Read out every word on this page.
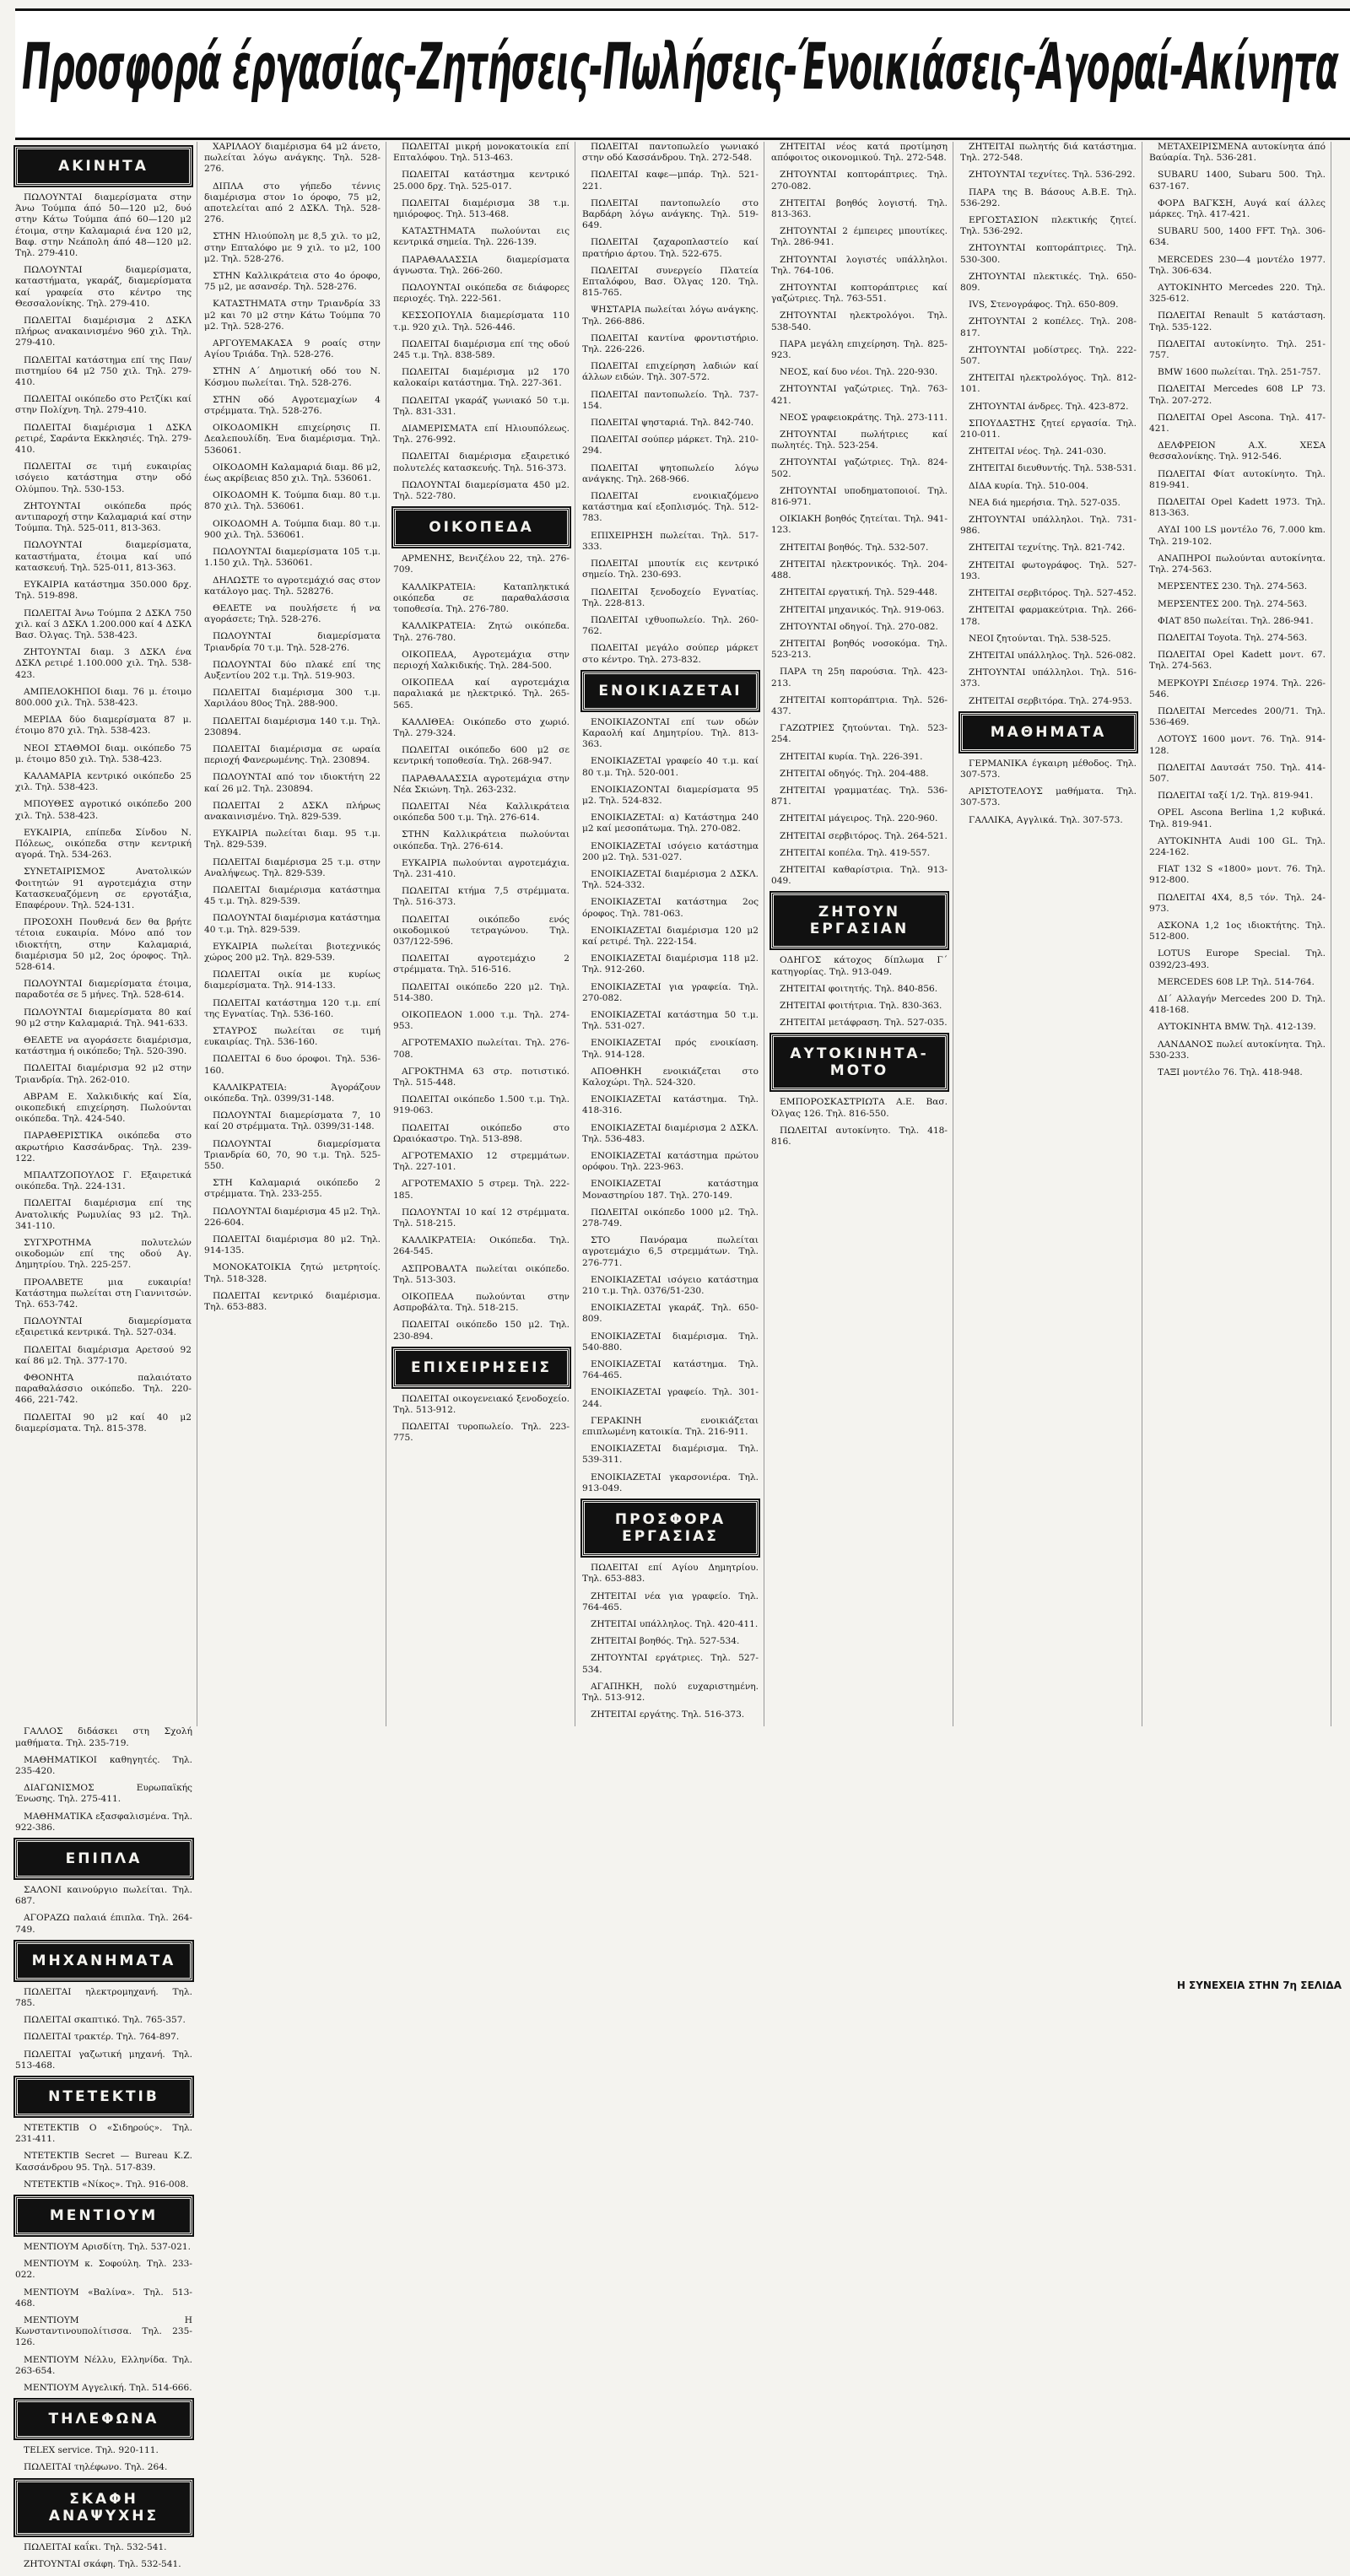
Προσφορά έργασίας-Ζητήσεις-Πωλήσεις-Ένοικιάσεις-Άγοραί-Ακίνητα
ΑΚΙΝΗΤΑ

ΠΩΛΟΥΝΤΑΙ διαμερίσματα στην Άνω Τούμπα άπό 50—120 μ2, δυό στην Κάτω Τούμπα άπό 60—120 μ2 έτοιμα, στην Καλαμαριά ένα 120 μ2, Βαφ. στην Νεάπολη άπό 48—120 μ2. Τηλ. 279-410.

ΠΩΛΟΥΝΤΑΙ διαμερίσματα, καταστήματα, γκαράζ, διαμερίσματα καί γραφεία στο κέντρο της Θεσσαλονίκης. Τηλ. 279-410.

ΠΩΛΕΙΤΑΙ διαμέρισμα 2 ΔΣΚΛ πλήρως ανακαινισμένο 960 χιλ. Τηλ. 279-410.

ΠΩΛΕΙΤΑΙ κατάστημα επί της Παν/πιστημίου 64 μ2 750 χιλ. Τηλ. 279-410.

ΠΩΛΕΙΤΑΙ οικόπεδο στο Ρετζίκι καί στην Πολίχνη. Τηλ. 279-410.

ΠΩΛΕΙΤΑΙ διαμέρισμα 1 ΔΣΚΛ ρετιρέ, Σαράντα Εκκλησιές. Τηλ. 279-410.

ΠΩΛΕΙΤΑΙ σε τιμή ευκαιρίας ισόγειο κατάστημα στην οδό Ολύμπου. Τηλ. 530-153.

ΖΗΤΟΥΝΤΑΙ οικόπεδα πρός αντιπαροχή στην Καλαμαριά καί στην Τούμπα. Τηλ. 525-011, 813-363.

ΠΩΛΟΥΝΤΑΙ διαμερίσματα, καταστήματα, έτοιμα καί υπό κατασκευή. Τηλ. 525-011, 813-363.

ΕΥΚΑΙΡΙΑ κατάστημα 350.000 δρχ. Τηλ. 519-898.

ΠΩΛΕΙΤΑΙ Άνω Τούμπα 2 ΔΣΚΛ 750 χιλ. καί 3 ΔΣΚΛ 1.200.000 καί 4 ΔΣΚΛ Βασ. Όλγας. Τηλ. 538-423.

ΖΗΤΟΥΝΤΑΙ διαμ. 3 ΔΣΚΛ ένα ΔΣΚΛ ρετιρέ 1.100.000 χιλ. Τηλ. 538-423.

ΑΜΠΕΛΟΚΗΠΟΙ διαμ. 76 μ. έτοιμο 800.000 χιλ. Τηλ. 538-423.

ΜΕΡΙΔΑ δύο διαμερίσματα 87 μ. έτοιμο 870 χιλ. Τηλ. 538-423.

ΝΕΟΙ ΣΤΑΘΜΟΙ διαμ. οικόπεδο 75 μ. έτοιμο 850 χιλ. Τηλ. 538-423.

ΚΑΛΑΜΑΡΙΑ κεντρικό οικόπεδο 25 χιλ. Τηλ. 538-423.

ΜΠΟΥΘΕΣ αγροτικό οικόπεδο 200 χιλ. Τηλ. 538-423.

ΕΥΚΑΙΡΙΑ, επίπεδα Σίνδου Ν. Πόλεως, οικόπεδα στην κεντρική αγορά. Τηλ. 534-263.

ΣΥΝΕΤΑΙΡΙΣΜΟΣ Ανατολικών Φοιτητών 91 αγροτεμάχια στην Κατασκευαζόμενη σε εργοτάξια, Επαφέρουν. Τηλ. 524-131.

ΠΡΟΣΟΧΗ Πουθενά δεν θα βρήτε τέτοια ευκαιρία. Μόνο από τον ιδιοκτήτη, στην Καλαμαριά, διαμέρισμα 50 μ2, 2ος όροφος. Τηλ. 528-614.

ΠΩΛΟΥΝΤΑΙ διαμερίσματα έτοιμα, παραδοτέα σε 5 μήνες. Τηλ. 528-614.

ΠΩΛΟΥΝΤΑΙ διαμερίσματα 80 καί 90 μ2 στην Καλαμαριά. Τηλ. 941-633.

ΘΕΛΕΤΕ να αγοράσετε διαμέρισμα, κατάστημα ή οικόπεδο; Τηλ. 520-390.

ΠΩΛΕΙΤΑΙ διαμέρισμα 92 μ2 στην Τριανδρία. Τηλ. 262-010.

ΑΒΡΑΜ Ε. Χαλκιδικής καί Σία, οικοπεδική επιχείρηση. Πωλούνται οικόπεδα. Τηλ. 424-540.

ΠΑΡΑΘΕΡΙΣΤΙΚΑ οικόπεδα στο ακρωτήριο Κασσάνδρας. Τηλ. 239-122.

ΜΠΑΛΤΖΟΠΟΥΛΟΣ Γ. Εξαιρετικά οικόπεδα. Τηλ. 224-131.

ΠΩΛΕΙΤΑΙ διαμέρισμα επί της Ανατολικής Ρωμυλίας 93 μ2. Τηλ. 341-110.

ΣΥΓΧΡΟΤΗΜΑ πολυτελών οικοδομών επί της οδού Αγ. Δημητρίου. Τηλ. 225-257.

ΠΡΟΑΛΒΕΤΕ μια ευκαιρία! Κατάστημα πωλείται στη Γιαννιτσών. Τηλ. 653-742.

ΠΩΛΟΥΝΤΑΙ διαμερίσματα εξαιρετικά κεντρικά. Τηλ. 527-034.

ΠΩΛΕΙΤΑΙ διαμέρισμα Αρετσού 92 καί 86 μ2. Τηλ. 377-170.

ΦΘΟΝΗΤΑ παλαιότατο παραθαλάσσιο οικόπεδο. Τηλ. 220-466, 221-742.

ΠΩΛΕΙΤΑΙ 90 μ2 καί 40 μ2 διαμερίσματα. Τηλ. 815-378.

ΧΑΡΙΛΑΟΥ διαμέρισμα 64 μ2 άνετο, πωλείται λόγω ανάγκης. Τηλ. 528-276.

ΔΙΠΛΑ στο γήπεδο τέννις διαμέρισμα στον 1ο όροφο, 75 μ2, αποτελείται από 2 ΔΣΚΛ. Τηλ. 528-276.

ΣΤΗΝ Ηλιούπολη με 8,5 χιλ. το μ2, στην Επταλόφο με 9 χιλ. το μ2, 100 μ2. Τηλ. 528-276.

ΣΤΗΝ Καλλικράτεια στο 4ο όροφο, 75 μ2, με ασανσέρ. Τηλ. 528-276.

ΚΑΤΑΣΤΗΜΑΤΑ στην Τριανδρία 33 μ2 και 70 μ2 στην Κάτω Τούμπα 70 μ2. Τηλ. 528-276.

ΑΡΓΟΥΕΜΑΚΑΣΑ 9 ροαίς στην Αγίου Τριάδα. Τηλ. 528-276.

ΣΤΗΝ Α΄ Δημοτική οδό του Ν. Κόσμου πωλείται. Τηλ. 528-276.

ΣΤΗΝ οδό Αγροτεμαχίων 4 στρέμματα. Τηλ. 528-276.

ΟΙΚΟΔΟΜΙΚΗ επιχείρησις Π. Δεαλεπουλίδη. Ένα διαμέρισμα. Τηλ. 536061.

ΟΙΚΟΔΟΜΗ Καλαμαριά διαμ. 86 μ2, έως ακρίβειας 850 χιλ. Τηλ. 536061.

ΟΙΚΟΔΟΜΗ Κ. Τούμπα διαμ. 80 τ.μ. 870 χιλ. Τηλ. 536061.

ΟΙΚΟΔΟΜΗ Α. Τούμπα διαμ. 80 τ.μ. 900 χιλ. Τηλ. 536061.

ΠΩΛΟΥΝΤΑΙ διαμερίσματα 105 τ.μ. 1.150 χιλ. Τηλ. 536061.

ΔΗΛΩΣΤΕ το αγροτεμάχιό σας στον κατάλογο μας. Τηλ. 528276.

ΘΕΛΕΤΕ να πουλήσετε ή να αγοράσετε; Τηλ. 528-276.

ΠΩΛΟΥΝΤΑΙ διαμερίσματα Τριανδρία 70 τ.μ. Τηλ. 528-276.

ΠΩΛΟΥΝΤΑΙ δύο πλακέ επί της Αυξεντίου 202 τ.μ. Τηλ. 519-903.

ΠΩΛΕΙΤΑΙ διαμέρισμα 300 τ.μ. Χαριλάου 80ος Τηλ. 288-900.

ΠΩΛΕΙΤΑΙ διαμέρισμα 140 τ.μ. Τηλ. 230894.

ΠΩΛΕΙΤΑΙ διαμέρισμα σε ωραία περιοχή Φανερωμένης. Τηλ. 230894.

ΠΩΛΟΥΝΤΑΙ από τον ιδιοκτήτη 22 καί 26 μ2. Τηλ. 230894.

ΠΩΛΕΙΤΑΙ 2 ΔΣΚΛ πλήρως ανακαινισμένο. Τηλ. 829-539.

ΕΥΚΑΙΡΙΑ πωλείται διαμ. 95 τ.μ. Τηλ. 829-539.

ΠΩΛΕΙΤΑΙ διαμέρισμα 25 τ.μ. στην Αναλήψεως. Τηλ. 829-539.

ΠΩΛΕΙΤΑΙ διαμέρισμα κατάστημα 45 τ.μ. Τηλ. 829-539.

ΠΩΛΟΥΝΤΑΙ διαμέρισμα κατάστημα 40 τ.μ. Τηλ. 829-539.

ΕΥΚΑΙΡΙΑ πωλείται βιοτεχνικός χώρος 200 μ2. Τηλ. 829-539.

ΠΩΛΕΙΤΑΙ οικία με κυρίως διαμερίσματα. Τηλ. 914-133.

ΠΩΛΕΙΤΑΙ κατάστημα 120 τ.μ. επί της Εγνατίας. Τηλ. 536-160.

ΣΤΑΥΡΟΣ πωλείται σε τιμή ευκαιρίας. Τηλ. 536-160.

ΠΩΛΕΙΤΑΙ 6 δυο όροφοι. Τηλ. 536-160.

ΚΑΛΛΙΚΡΑΤΕΙΑ: Άγοράζουν οικόπεδα. Τηλ. 0399/31-148.

ΠΩΛΟΥΝΤΑΙ διαμερίσματα 7, 10 καί 20 στρέμματα. Τηλ. 0399/31-148.

ΠΩΛΟΥΝΤΑΙ διαμερίσματα Τριανδρία 60, 70, 90 τ.μ. Τηλ. 525-550.

ΣΤΗ Καλαμαριά οικόπεδο 2 στρέμματα. Τηλ. 233-255.

ΠΩΛΟΥΝΤΑΙ διαμέρισμα 45 μ2. Τηλ. 226-604.

ΠΩΛΕΙΤΑΙ διαμέρισμα 80 μ2. Τηλ. 914-135.

ΜΟΝΟΚΑΤΟΙΚΙΑ ζητώ μετρητοίς. Τηλ. 518-328.

ΠΩΛΕΙΤΑΙ κεντρικό διαμέρισμα. Τηλ. 653-883.

ΠΩΛΕΙΤΑΙ μικρή μονοκατοικία επί Επταλόφου. Τηλ. 513-463.

ΠΩΛΕΙΤΑΙ κατάστημα κεντρικό 25.000 δρχ. Τηλ. 525-017.

ΠΩΛΕΙΤΑΙ διαμέρισμα 38 τ.μ. ημιόροφος. Τηλ. 513-468.

ΚΑΤΑΣΤΗΜΑΤΑ πωλούνται εις κεντρικά σημεία. Τηλ. 226-139.

ΠΑΡΑΘΑΛΑΣΣΙΑ διαμερίσματα άγνωστα. Τηλ. 266-260.

ΠΩΛΟΥΝΤΑΙ οικόπεδα σε διάφορες περιοχές. Τηλ. 222-561.

ΚΕΣΣΟΠΟΥΛΙΑ διαμερίσματα 110 τ.μ. 920 χιλ. Τηλ. 526-446.

ΠΩΛΕΙΤΑΙ διαμέρισμα επί της οδού 245 τ.μ. Τηλ. 838-589.

ΠΩΛΕΙΤΑΙ διαμέρισμα μ2 170 καλοκαίρι κατάστημα. Τηλ. 227-361.

ΠΩΛΕΙΤΑΙ γκαράζ γωνιακό 50 τ.μ. Τηλ. 831-331.

ΔΙΑΜΕΡΙΣΜΑΤΑ επί Ηλιουπόλεως. Τηλ. 276-992.

ΠΩΛΕΙΤΑΙ διαμέρισμα εξαιρετικό πολυτελές κατασκευής. Τηλ. 516-373.

ΠΩΛΟΥΝΤΑΙ διαμερίσματα 450 μ2. Τηλ. 522-780.

ΟΙΚΟΠΕΔΑ

ΑΡΜΕΝΗΣ, Βενιζέλου 22, τηλ. 276-709.

ΚΑΛΛΙΚΡΑΤΕΙΑ: Καταπληκτικά οικόπεδα σε παραθαλάσσια τοποθεσία. Τηλ. 276-780.

ΚΑΛΛΙΚΡΑΤΕΙΑ: Ζητώ οικόπεδα. Τηλ. 276-780.

ΟΙΚΟΠΕΔΑ, Αγροτεμάχια στην περιοχή Χαλκιδικής. Τηλ. 284-500.

ΟΙΚΟΠΕΔΑ καί αγροτεμάχια παραλιακά με ηλεκτρικό. Τηλ. 265-565.

ΚΑΛΛΙΘΕΑ: Οικόπεδο στο χωριό. Τηλ. 279-324.

ΠΩΛΕΙΤΑΙ οικόπεδο 600 μ2 σε κεντρική τοποθεσία. Τηλ. 268-947.

ΠΑΡΑΘΑΛΑΣΣΙΑ αγροτεμάχια στην Νέα Σκιώνη. Τηλ. 263-232.

ΠΩΛΕΙΤΑΙ Νέα Καλλικράτεια οικόπεδα 500 τ.μ. Τηλ. 276-614.

ΣΤΗΝ Καλλικράτεια πωλούνται οικόπεδα. Τηλ. 276-614.

ΕΥΚΑΙΡΙΑ πωλούνται αγροτεμάχια. Τηλ. 231-410.

ΠΩΛΕΙΤΑΙ κτήμα 7,5 στρέμματα. Τηλ. 516-373.

ΠΩΛΕΙΤΑΙ οικόπεδο ενός οικοδομικού τετραγώνου. Τηλ. 037/122-596.

ΠΩΛΕΙΤΑΙ αγροτεμάχιο 2 στρέμματα. Τηλ. 516-516.

ΠΩΛΕΙΤΑΙ οικόπεδο 220 μ2. Τηλ. 514-380.

ΟΙΚΟΠΕΔΟΝ 1.000 τ.μ. Τηλ. 274-953.

ΑΓΡΟΤΕΜΑΧΙΟ πωλείται. Τηλ. 276-708.

ΑΓΡΟΚΤΗΜΑ 63 στρ. ποτιστικό. Τηλ. 515-448.

ΠΩΛΕΙΤΑΙ οικόπεδο 1.500 τ.μ. Τηλ. 919-063.

ΠΩΛΕΙΤΑΙ οικόπεδο στο Ωραιόκαστρο. Τηλ. 513-898.

ΑΓΡΟΤΕΜΑΧΙΟ 12 στρεμμάτων. Τηλ. 227-101.

ΑΓΡΟΤΕΜΑΧΙΟ 5 στρεμ. Τηλ. 222-185.

ΠΩΛΟΥΝΤΑΙ 10 καί 12 στρέμματα. Τηλ. 518-215.

ΚΑΛΛΙΚΡΑΤΕΙΑ: Οικόπεδα. Τηλ. 264-545.

ΑΣΠΡΟΒΑΛΤΑ πωλείται οικόπεδο. Τηλ. 513-303.

ΟΙΚΟΠΕΔΑ πωλούνται στην Ασπροβάλτα. Τηλ. 518-215.

ΠΩΛΕΙΤΑΙ οικόπεδο 150 μ2. Τηλ. 230-894.

ΕΠΙΧΕΙΡΗΣΕΙΣ

ΠΩΛΕΙΤΑΙ οικογενειακό ξενοδοχείο. Τηλ. 513-912.

ΠΩΛΕΙΤΑΙ τυροπωλείο. Τηλ. 223-775.

ΠΩΛΕΙΤΑΙ παντοπωλείο γωνιακό στην οδό Κασσάνδρου. Τηλ. 272-548.

ΠΩΛΕΙΤΑΙ καφε—μπάρ. Τηλ. 521-221.

ΠΩΛΕΙΤΑΙ παντοπωλείο στο Βαρδάρη λόγω ανάγκης. Τηλ. 519-649.

ΠΩΛΕΙΤΑΙ ζαχαροπλαστείο καί πρατήριο άρτου. Τηλ. 522-675.

ΠΩΛΕΙΤΑΙ συνεργείο Πλατεία Επταλόφου, Βασ. Όλγας 120. Τηλ. 815-765.

ΨΗΣΤΑΡΙΑ πωλείται λόγω ανάγκης. Τηλ. 266-886.

ΠΩΛΕΙΤΑΙ καντίνα φροντιστήριο. Τηλ. 226-226.

ΠΩΛΕΙΤΑΙ επιχείρηση λαδιών καί άλλων ειδών. Τηλ. 307-572.

ΠΩΛΕΙΤΑΙ παντοπωλείο. Τηλ. 737-154.

ΠΩΛΕΙΤΑΙ ψησταριά. Τηλ. 842-740.

ΠΩΛΕΙΤΑΙ σούπερ μάρκετ. Τηλ. 210-294.

ΠΩΛΕΙΤΑΙ ψητοπωλείο λόγω ανάγκης. Τηλ. 268-966.

ΠΩΛΕΙΤΑΙ ενοικιαζόμενο κατάστημα καί εξοπλισμός. Τηλ. 512-783.

ΕΠΙΧΕΙΡΗΣΗ πωλείται. Τηλ. 517-333.

ΠΩΛΕΙΤΑΙ μπουτίκ εις κεντρικό σημείο. Τηλ. 230-693.

ΠΩΛΕΙΤΑΙ ξενοδοχείο Εγνατίας. Τηλ. 228-813.

ΠΩΛΕΙΤΑΙ ιχθυοπωλείο. Τηλ. 260-762.

ΠΩΛΕΙΤΑΙ μεγάλο σούπερ μάρκετ στο κέντρο. Τηλ. 273-832.

ΕΝΟΙΚΙΑΖΕΤΑΙ

ΕΝΟΙΚΙΑΖΟΝΤΑΙ επί των οδών Καραολή καί Δημητρίου. Τηλ. 813-363.

ΕΝΟΙΚΙΑΖΕΤΑΙ γραφείο 40 τ.μ. καί 80 τ.μ. Τηλ. 520-001.

ΕΝΟΙΚΙΑΖΟΝΤΑΙ διαμερίσματα 95 μ2. Τηλ. 524-832.

ΕΝΟΙΚΙΑΖΕΤΑΙ: α) Κατάστημα 240 μ2 καί μεσοπάτωμα. Τηλ. 270-082.

ΕΝΟΙΚΙΑΖΕΤΑΙ ισόγειο κατάστημα 200 μ2. Τηλ. 531-027.

ΕΝΟΙΚΙΑΖΕΤΑΙ διαμέρισμα 2 ΔΣΚΛ. Τηλ. 524-332.

ΕΝΟΙΚΙΑΖΕΤΑΙ κατάστημα 2ος όροφος. Τηλ. 781-063.

ΕΝΟΙΚΙΑΖΕΤΑΙ διαμέρισμα 120 μ2 καί ρετιρέ. Τηλ. 222-154.

ΕΝΟΙΚΙΑΖΕΤΑΙ διαμέρισμα 118 μ2. Τηλ. 912-260.

ΕΝΟΙΚΙΑΖΕΤΑΙ για γραφεία. Τηλ. 270-082.

ΕΝΟΙΚΙΑΖΕΤΑΙ κατάστημα 50 τ.μ. Τηλ. 531-027.

ΕΝΟΙΚΙΑΖΕΤΑΙ πρός ενοικίαση. Τηλ. 914-128.

ΑΠΟΘΗΚΗ ενοικιάζεται στο Καλοχώρι. Τηλ. 524-320.

ΕΝΟΙΚΙΑΖΕΤΑΙ κατάστημα. Τηλ. 418-316.

ΕΝΟΙΚΙΑΖΕΤΑΙ διαμέρισμα 2 ΔΣΚΛ. Τηλ. 536-483.

ΕΝΟΙΚΙΑΖΕΤΑΙ κατάστημα πρώτου ορόφου. Τηλ. 223-963.

ΕΝΟΙΚΙΑΖΕΤΑΙ κατάστημα Μοναστηρίου 187. Τηλ. 270-149.

ΠΩΛΕΙΤΑΙ οικόπεδο 1000 μ2. Τηλ. 278-749.

ΣΤΟ Πανόραμα πωλείται αγροτεμάχιο 6,5 στρεμμάτων. Τηλ. 276-771.

ΕΝΟΙΚΙΑΖΕΤΑΙ ισόγειο κατάστημα 210 τ.μ. Τηλ. 0376/51-230.

ΕΝΟΙΚΙΑΖΕΤΑΙ γκαράζ. Τηλ. 650-809.

ΕΝΟΙΚΙΑΖΕΤΑΙ διαμέρισμα. Τηλ. 540-880.

ΕΝΟΙΚΙΑΖΕΤΑΙ κατάστημα. Τηλ. 764-465.

ΕΝΟΙΚΙΑΖΕΤΑΙ γραφείο. Τηλ. 301-244.

ΓΕΡΑΚΙΝΗ ενοικιάζεται επιπλωμένη κατοικία. Τηλ. 216-911.

ΕΝΟΙΚΙΑΖΕΤΑΙ διαμέρισμα. Τηλ. 539-311.

ΕΝΟΙΚΙΑΖΕΤΑΙ γκαρσονιέρα. Τηλ. 913-049.

ΠΡΟΣΦΟΡΑ ΕΡΓΑΣΙΑΣ

ΠΩΛΕΙΤΑΙ επί Αγίου Δημητρίου. Τηλ. 653-883.

ΖΗΤΕΙΤΑΙ νέα για γραφείο. Τηλ. 764-465.

ΖΗΤΕΙΤΑΙ υπάλληλος. Τηλ. 420-411.

ΖΗΤΕΙΤΑΙ βοηθός. Τηλ. 527-534.

ΖΗΤΟΥΝΤΑΙ εργάτριες. Τηλ. 527-534.

ΑΓΑΠΗΚΗ, πολύ ευχαριστημένη. Τηλ. 513-912.

ΖΗΤΕΙΤΑΙ εργάτης. Τηλ. 516-373.

ΖΗΤΕΙΤΑΙ νέος κατά προτίμηση απόφοιτος οικονομικού. Τηλ. 272-548.

ΖΗΤΟΥΝΤΑΙ κοπτοράπτριες. Τηλ. 270-082.

ΖΗΤΕΙΤΑΙ βοηθός λογιστή. Τηλ. 813-363.

ΖΗΤΟΥΝΤΑΙ 2 έμπειρες μπουτίκες. Τηλ. 286-941.

ΖΗΤΟΥΝΤΑΙ λογιστές υπάλληλοι. Τηλ. 764-106.

ΖΗΤΟΥΝΤΑΙ κοπτοράπτριες καί γαζώτριες. Τηλ. 763-551.

ΖΗΤΟΥΝΤΑΙ ηλεκτρολόγοι. Τηλ. 538-540.

ΠΑΡΑ μεγάλη επιχείρηση. Τηλ. 825-923.

ΝΕΟΣ, καί δυο νέοι. Τηλ. 220-930.

ΖΗΤΟΥΝΤΑΙ γαζώτριες. Τηλ. 763-421.

ΝΕΟΣ γραφειοκράτης. Τηλ. 273-111.

ΖΗΤΟΥΝΤΑΙ πωλήτριες καί πωλητές. Τηλ. 523-254.

ΖΗΤΟΥΝΤΑΙ γαζώτριες. Τηλ. 824-502.

ΖΗΤΟΥΝΤΑΙ υποδηματοποιοί. Τηλ. 816-971.

ΟΙΚΙΑΚΗ βοηθός ζητείται. Τηλ. 941-123.

ΖΗΤΕΙΤΑΙ βοηθός. Τηλ. 532-507.

ΖΗΤΕΙΤΑΙ ηλεκτρονικός. Τηλ. 204-488.

ΖΗΤΕΙΤΑΙ εργατική. Τηλ. 529-448.

ΖΗΤΕΙΤΑΙ μηχανικός. Τηλ. 919-063.

ΖΗΤΟΥΝΤΑΙ οδηγοί. Τηλ. 270-082.

ΖΗΤΕΙΤΑΙ βοηθός νοσοκόμα. Τηλ. 523-213.

ΠΑΡΑ τη 25η παρούσια. Τηλ. 423-213.

ΖΗΤΕΙΤΑΙ κοπτοράπτρια. Τηλ. 526-437.

ΓΑΖΩΤΡΙΕΣ ζητούνται. Τηλ. 523-254.

ΖΗΤΕΙΤΑΙ κυρία. Τηλ. 226-391.

ΖΗΤΕΙΤΑΙ οδηγός. Τηλ. 204-488.

ΖΗΤΕΙΤΑΙ γραμματέας. Τηλ. 536-871.

ΖΗΤΕΙΤΑΙ μάγειρος. Τηλ. 220-960.

ΖΗΤΕΙΤΑΙ σερβιτόρος. Τηλ. 264-521.

ΖΗΤΕΙΤΑΙ κοπέλα. Τηλ. 419-557.

ΖΗΤΕΙΤΑΙ καθαρίστρια. Τηλ. 913-049.

ΖΗΤΟΥΝ ΕΡΓΑΣΙΑΝ

ΟΔΗΓΟΣ κάτοχος δίπλωμα Γ΄ κατηγορίας. Τηλ. 913-049.

ΖΗΤΕΙΤΑΙ φοιτητής. Τηλ. 840-856.

ΖΗΤΕΙΤΑΙ φοιτήτρια. Τηλ. 830-363.

ΖΗΤΕΙΤΑΙ μετάφραση. Τηλ. 527-035.

ΑΥΤΟΚΙΝΗΤΑ-ΜΟΤΟ

ΕΜΠΟΡΟΣΚΑΣΤΡΙΩΤΑ Α.Ε. Βασ. Όλγας 126. Τηλ. 816-550.

ΠΩΛΕΙΤΑΙ αυτοκίνητο. Τηλ. 418-816.

ΖΗΤΕΙΤΑΙ πωλητής διά κατάστημα. Τηλ. 272-548.

ΖΗΤΟΥΝΤΑΙ τεχνίτες. Τηλ. 536-292.

ΠΑΡΑ της Β. Βάσους Α.Β.Ε. Τηλ. 536-292.

ΕΡΓΟΣΤΑΣΙΟΝ πλεκτικής ζητεί. Τηλ. 536-292.

ΖΗΤΟΥΝΤΑΙ κοπτοράπτριες. Τηλ. 530-300.

ΖΗΤΟΥΝΤΑΙ πλεκτικές. Τηλ. 650-809.

ΙVS, Στενογράφος. Τηλ. 650-809.

ΖΗΤΟΥΝΤΑΙ 2 κοπέλες. Τηλ. 208-817.

ΖΗΤΟΥΝΤΑΙ μοδίστρες. Τηλ. 222-507.

ΖΗΤΕΙΤΑΙ ηλεκτρολόγος. Τηλ. 812-101.

ΖΗΤΟΥΝΤΑΙ άνδρες. Τηλ. 423-872.

ΣΠΟΥΔΑΣΤΗΣ ζητεί εργασία. Τηλ. 210-011.

ΖΗΤΕΙΤΑΙ νέος. Τηλ. 241-030.

ΖΗΤΕΙΤΑΙ διευθυντής. Τηλ. 538-531.

ΔΙΔΑ κυρία. Τηλ. 510-004.

ΝΕΑ διά ημερήσια. Τηλ. 527-035.

ΖΗΤΟΥΝΤΑΙ υπάλληλοι. Τηλ. 731-986.

ΖΗΤΕΙΤΑΙ τεχνίτης. Τηλ. 821-742.

ΖΗΤΕΙΤΑΙ φωτογράφος. Τηλ. 527-193.

ΖΗΤΕΙΤΑΙ σερβιτόρος. Τηλ. 527-452.

ΖΗΤΕΙΤΑΙ φαρμακεύτρια. Τηλ. 266-178.

ΝΕΟΙ ζητούνται. Τηλ. 538-525.

ΖΗΤΕΙΤΑΙ υπάλληλος. Τηλ. 526-082.

ΖΗΤΟΥΝΤΑΙ υπάλληλοι. Τηλ. 516-373.

ΖΗΤΕΙΤΑΙ σερβιτόρα. Τηλ. 274-953.

ΜΑΘΗΜΑΤΑ

ΓΕΡΜΑΝΙΚΑ έγκαιρη μέθοδος. Τηλ. 307-573.

ΑΡΙΣΤΟΤΕΛΟΥΣ μαθήματα. Τηλ. 307-573.

ΓΑΛΛΙΚΑ, Αγγλικά. Τηλ. 307-573.

ΜΕΤΑΧΕΙΡΙΣΜΕΝΑ αυτοκίνητα άπό Βαύαρία. Τηλ. 536-281.

SUBARU 1400, Subaru 500. Τηλ. 637-167.

ΦΟΡΔ ΒΑΓΚΣΗ, Αυγά καί άλλες μάρκες. Τηλ. 417-421.

SUBARU 500, 1400 FFT. Τηλ. 306-634.

MERCEDES 230—4 μοντέλο 1977. Τηλ. 306-634.

ΑΥΤΟΚΙΝΗΤΟ Mercedes 220. Τηλ. 325-612.

ΠΩΛΕΙΤΑΙ Renault 5 κατάσταση. Τηλ. 535-122.

ΠΩΛΕΙΤΑΙ αυτοκίνητο. Τηλ. 251-757.

BMW 1600 πωλείται. Τηλ. 251-757.

ΠΩΛΕΙΤΑΙ Mercedes 608 LP 73. Τηλ. 207-272.

ΠΩΛΕΙΤΑΙ Opel Ascona. Τηλ. 417-421.

ΔΕΛΦΡΕΙΟΝ Α.Χ. ΧΕΣΑ θεσσαλονίκης. Τηλ. 912-546.

ΠΩΛΕΙΤΑΙ Φίατ αυτοκίνητο. Τηλ. 819-941.

ΠΩΛΕΙΤΑΙ Opel Kadett 1973. Τηλ. 813-363.

ΑΥΔΙ 100 LS μοντέλο 76, 7.000 km. Τηλ. 219-102.

ΑΝΑΠΗΡΟΙ πωλούνται αυτοκίνητα. Τηλ. 274-563.

ΜΕΡΣΕΝΤΕΣ 230. Τηλ. 274-563.

ΜΕΡΣΕΝΤΕΣ 200. Τηλ. 274-563.

ΦΙΑΤ 850 πωλείται. Τηλ. 286-941.

ΠΩΛΕΙΤΑΙ Τoyota. Τηλ. 274-563.

ΠΩΛΕΙΤΑΙ Opel Kadett μοντ. 67. Τηλ. 274-563.

ΜΕΡΚΟΥΡΙ Σπέισερ 1974. Τηλ. 226-546.

ΠΩΛΕΙΤΑΙ Mercedes 200/71. Τηλ. 536-469.

ΛΟΤΟΥΣ 1600 μοντ. 76. Τηλ. 914-128.

ΠΩΛΕΙΤΑΙ Δαυτσάτ 750. Τηλ. 414-507.

ΠΩΛΕΙΤΑΙ ταξί 1/2. Τηλ. 819-941.

OPEL Ascona Berlina 1,2 κυβικά. Τηλ. 819-941.

ΑΥΤΟΚΙΝΗΤΑ Audi 100 GL. Τηλ. 224-162.

FIAT 132 S «1800» μοντ. 76. Τηλ. 912-800.

ΠΩΛΕΙΤΑΙ 4Χ4, 8,5 τόν. Τηλ. 24-973.

ΑΣΚΟΝΑ 1,2 1ος ιδιοκτήτης. Τηλ. 512-800.

LOTUS Europe Special. Τηλ. 0392/23-493.

MERCEDES 608 LP. Τηλ. 514-764.

ΔΙ΄ Αλλαγήν Mercedes 200 D. Τηλ. 418-168.

ΑΥΤΟΚΙΝΗΤΑ BMW. Τηλ. 412-139.

ΛΑΝΔΑΝΟΣ πωλεί αυτοκίνητα. Τηλ. 530-233.

ΤΑΞΙ μοντέλο 76. Τηλ. 418-948.

ΓΑΛΛΟΣ διδάσκει στη Σχολή μαθήματα. Τηλ. 235-719.

ΜΑΘΗΜΑΤΙΚΟΙ καθηγητές. Τηλ. 235-420.

ΔΙΑΓΩΝΙΣΜΟΣ Ευρωπαϊκής Ένωσης. Τηλ. 275-411.

ΜΑΘΗΜΑΤΙΚΑ εξασφαλισμένα. Τηλ. 922-386.

ΕΠΙΠΛΑ

ΣΑΛΟΝΙ καινούργιο πωλείται. Τηλ. 687.

ΑΓΟΡΑΖΩ παλαιά έπιπλα. Τηλ. 264-749.

ΜΗΧΑΝΗΜΑΤΑ

ΠΩΛΕΙΤΑΙ ηλεκτρομηχανή. Τηλ. 785.

ΠΩΛΕΙΤΑΙ σκαπτικό. Τηλ. 765-357.

ΠΩΛΕΙΤΑΙ τρακτέρ. Τηλ. 764-897.

ΠΩΛΕΙΤΑΙ γαζωτική μηχανή. Τηλ. 513-468.

ΝΤΕΤΕΚΤΙΒ

ΝΤΕΤΕΚΤΙΒ Ο «Σιδηρούς». Τηλ. 231-411.

ΝΤΕΤΕΚΤΙΒ Secret — Bureau Κ.Ζ. Κασσάνδρου 95. Τηλ. 517-839.

ΝΤΕΤΕΚΤΙΒ «Νίκος». Τηλ. 916-008.

ΜΕΝΤΙΟΥΜ

ΜΕΝΤΙΟΥΜ Αρισδίτη. Τηλ. 537-021.

ΜΕΝΤΙΟΥΜ κ. Σοφούλη. Τηλ. 233-022.

ΜΕΝΤΙΟΥΜ «Βαλίνα». Τηλ. 513-468.

ΜΕΝΤΙΟΥΜ Η Κωνσταντινουπολίτισσα. Τηλ. 235-126.

ΜΕΝΤΙΟΥΜ Νέλλυ, Ελληνίδα. Τηλ. 263-654.

ΜΕΝΤΙΟΥΜ Αγγελική. Τηλ. 514-666.

ΤΗΛΕΦΩΝΑ

TELEX service. Τηλ. 920-111.

ΠΩΛΕΙΤΑΙ τηλέφωνο. Τηλ. 264.

ΣΚΑΦΗ ΑΝΑΨΥΧΗΣ

ΠΩΛΕΙΤΑΙ καΐκι. Τηλ. 532-541.

ΖΗΤΟΥΝΤΑΙ σκάφη. Τηλ. 532-541.

Η ΣΥΝΕΧΕΙΑ ΣΤΗΝ 7η ΣΕΛΙΔΑ
